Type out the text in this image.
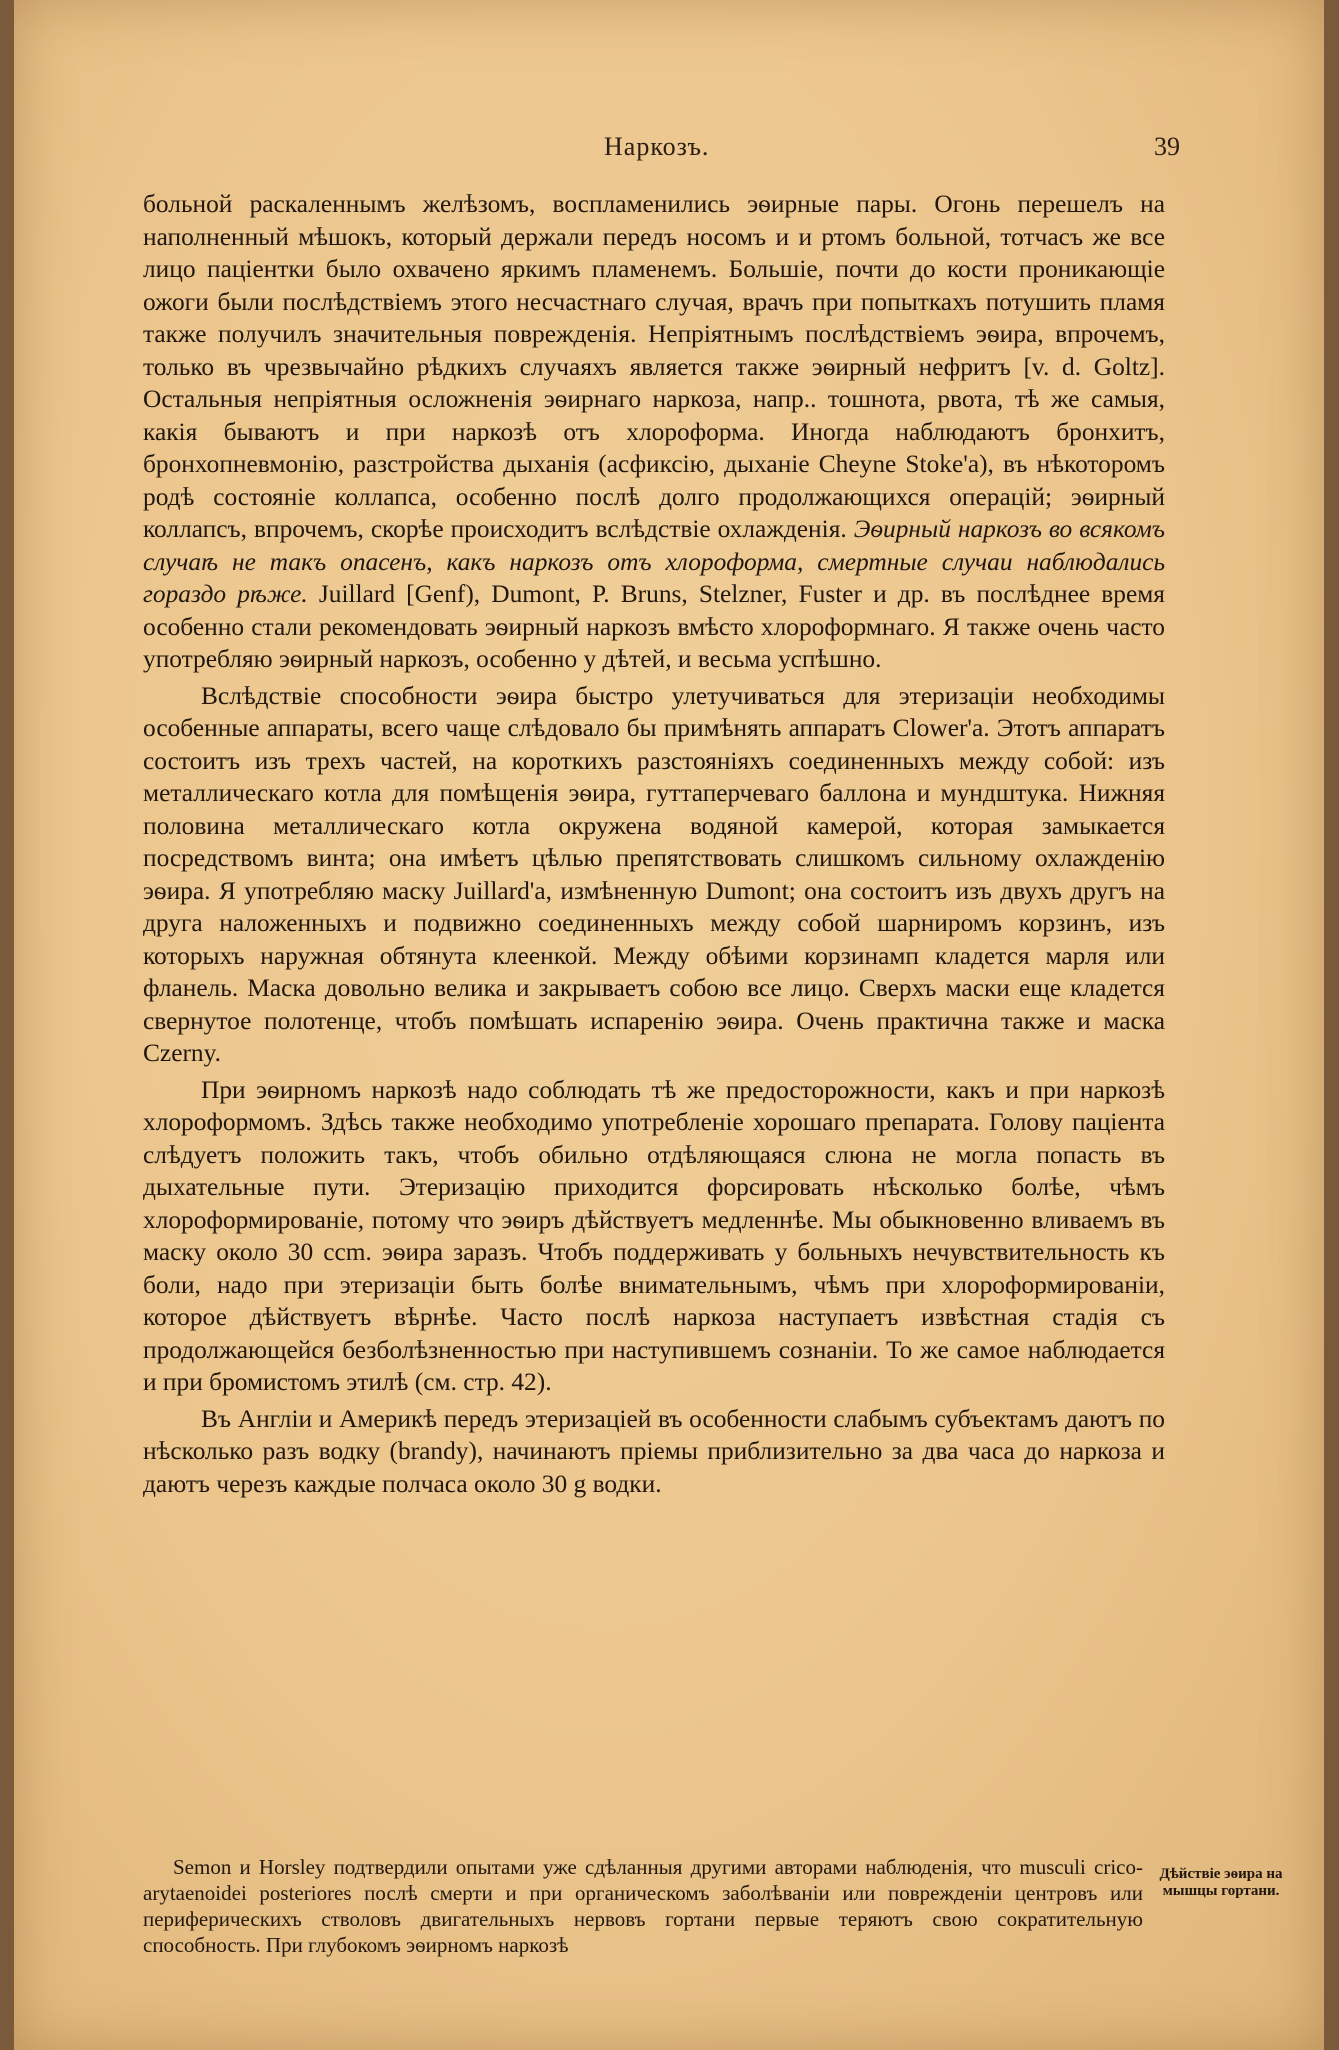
Наркозъ.	39

больной раскаленнымъ желѣзомъ, воспламенились эѳирные пары. Огонь перешелъ на наполненный мѣшокъ, который держали передъ носомъ и и ртомъ больной, тотчасъ же все лицо паціентки было охвачено яркимъ пламенемъ. Большіе, почти до кости проникающіе ожоги были послѣдствіемъ этого несчастнаго случая, врачъ при попыткахъ потушить пламя также получилъ значительныя поврежденія. Непріятнымъ послѣдствіемъ эѳира, впрочемъ, только въ чрезвычайно рѣдкихъ случаяхъ является также эѳирный нефритъ [v. d. Goltz]. Остальныя непріятныя осложненія эѳирнаго наркоза, напр.. тошнота, рвота, тѣ же самыя, какія бываютъ и при наркозѣ отъ хлороформа. Иногда наблюдаютъ бронхитъ, бронхопневмонію, разстройства дыханія (асфиксію, дыханіе Cheyne Stoke'а), въ нѣкоторомъ родѣ состояніе коллапса, особенно послѣ долго продолжающихся операцій; эѳирный коллапсъ, впрочемъ, скорѣе происходитъ вслѣдствіе охлажденія. Эѳирный наркозъ во всякомъ случаѣ не такъ опасенъ, какъ наркозъ отъ хлороформа, смертные случаи наблюдались гораздо рѣже. Juillard [Genf), Dumont, P. Bruns, Stelzner, Fuster и др. въ послѣднее время особенно стали рекомендовать эѳирный наркозъ вмѣсто хлороформнаго. Я также очень часто употребляю эѳирный наркозъ, особенно у дѣтей, и весьма успѣшно.

Вслѣдствіе способности эѳира быстро улетучиваться для этеризаціи необходимы особенные аппараты, всего чаще слѣдовало бы примѣнять аппаратъ Clower'а. Этотъ аппаратъ состоитъ изъ трехъ частей, на короткихъ разстояніяхъ соединенныхъ между собой: изъ металлическаго котла для помѣщенія эѳира, гуттаперчеваго баллона и мундштука. Нижняя половина металлическаго котла окружена водяной камерой, которая замыкается посредствомъ винта; она имѣетъ цѣлью препятствовать слишкомъ сильному охлажденію эѳира. Я употребляю маску Juillard'а, измѣненную Dumont; она состоитъ изъ двухъ другъ на друга наложенныхъ и подвижно соединенныхъ между собой шарниромъ корзинъ, изъ которыхъ наружная обтянута клеенкой. Между обѣими корзинамп кладется марля или фланель. Маска довольно велика и закрываетъ собою все лицо. Сверхъ маски еще кладется свернутое полотенце, чтобъ помѣшать испаренію эѳира. Очень практична также и маска Czerny.

При эѳирномъ наркозѣ надо соблюдать тѣ же предосторожности, какъ и при наркозѣ хлороформомъ. Здѣсь также необходимо употребленіе хорошаго препарата. Голову паціента слѣдуетъ положить такъ, чтобъ обильно отдѣляющаяся слюна не могла попасть въ дыхательные пути. Этеризацію приходится форсировать нѣсколько болѣе, чѣмъ хлороформированіе, потому что эѳиръ дѣйствуетъ медленнѣе. Мы обыкновенно вливаемъ въ маску около 30 ccm. эѳира заразъ. Чтобъ поддерживать у больныхъ нечувствительность къ боли, надо при этеризаціи быть болѣе внимательнымъ, чѣмъ при хлороформированіи, которое дѣйствуетъ вѣрнѣе. Часто послѣ наркоза наступаетъ извѣстная стадія съ продолжающейся безболѣзненностью при наступившемъ сознаніи. То же самое наблюдается и при бромистомъ этилѣ (см. стр. 42).

Въ Англіи и Америкѣ передъ этеризаціей въ особенности слабымъ субъектамъ даютъ по нѣсколько разъ водку (brandy), начинаютъ пріемы приблизительно за два часа до наркоза и даютъ черезъ каждые полчаса около 30 g водки.

Semon и Horsley подтвердили опытами уже сдѣланныя другими авторами наблюденія, что musculi crico-arytaenoidei posteriores послѣ смерти и при органическомъ заболѣваніи или поврежденіи центровъ или периферическихъ стволовъ двигательныхъ нервовъ гортани первые теряютъ свою сократительную способность. При глубокомъ эѳирномъ наркозѣ

Дѣйствіе эѳира на мышцы гортани.
